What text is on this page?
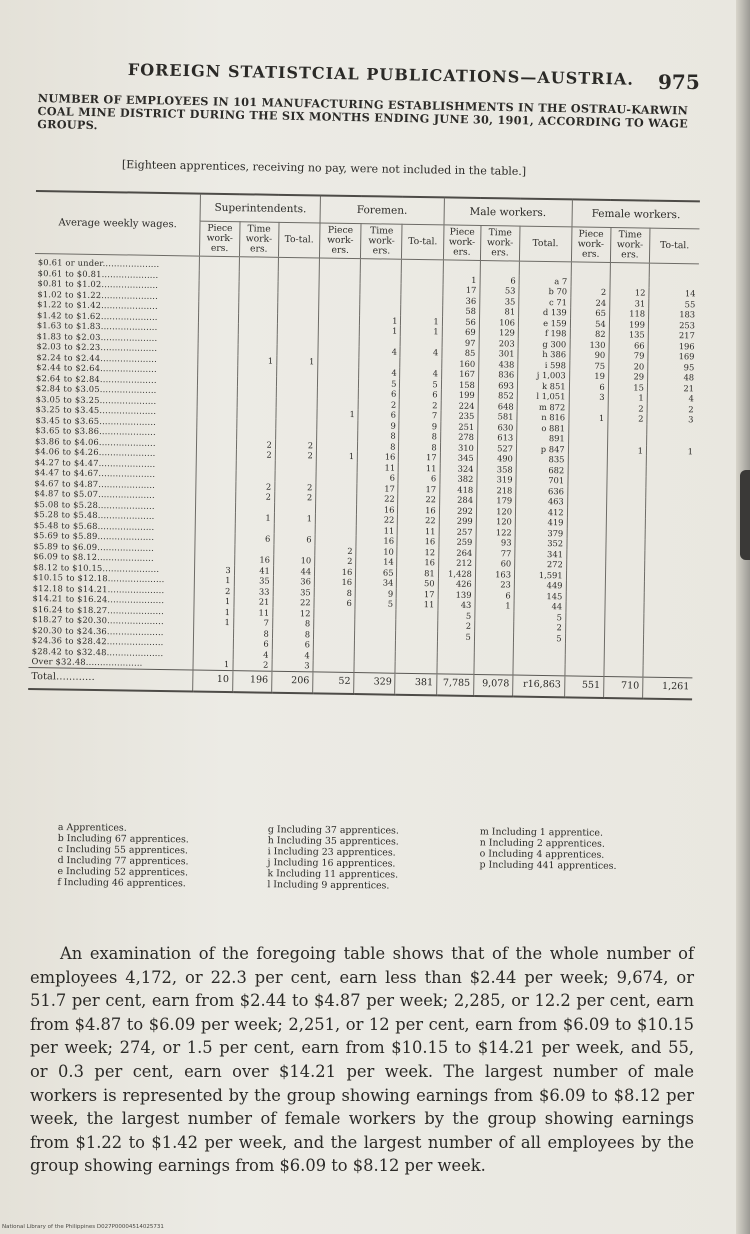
FOREIGN STATISTCIAL PUBLICATIONS—AUSTRIA. 975
NUMBER OF EMPLOYEES IN 101 MANUFACTURING ESTABLISHMENTS IN THE OSTRAU-KARWIN COAL MINE DISTRICT DURING THE SIX MONTHS ENDING JUNE 30, 1901, ACCORDING TO WAGE GROUPS.
[Eighteen apprentices, receiving no pay, were not included in the table.]
Average weekly wages.	Superintendents.			Foremen.			Male workers.			Female workers.		
	Piece work-ers.	Time work-ers.	To-tal.	Piece work-ers.	Time work-ers.	To-tal.	Piece work-ers.	Time work-ers.	Total.	Piece work-ers.	Time work-ers.	To-tal.
$0.61 or under....................												
$0.61 to $0.81....................							1	6	a 7			
$0.81 to $1.02....................							17	53	b 70	2	12	14
$1.02 to $1.22....................							36	35	c 71	24	31	55
$1.22 to $1.42....................							58	81	d 139	65	118	183
$1.42 to $1.62....................					1	1	56	106	e 159	54	199	253
$1.63 to $1.83....................					1	1	69	129	f 198	82	135	217
$1.83 to $2.03....................							97	203	g 300	130	66	196
$2.03 to $2.23....................					4	4	85	301	h 386	90	79	169
$2.24 to $2.44....................		1	1				160	438	i 598	75	20	95
$2.44 to $2.64....................					4	4	167	836	j 1,003	19	29	48
$2.64 to $2.84....................					5	5	158	693	k 851	6	15	21
$2.84 to $3.05....................					6	6	199	852	l 1,051	3	1	4
$3.05 to $3.25....................					2	2	224	648	m 872		2	2
$3.25 to $3.45....................				1	6	7	235	581	n 816	1	2	3
$3.45 to $3.65....................					9	9	251	630	o 881			
$3.65 to $3.86....................					8	8	278	613	891			
$3.86 to $4.06....................		2	2		8	8	310	527	p 847		1	1
$4.06 to $4.26....................		2	2	1	16	17	345	490	835			
$4.27 to $4.47....................					11	11	324	358	682			
$4.47 to $4.67....................					6	6	382	319	701			
$4.67 to $4.87....................		2	2		17	17	418	218	636			
$4.87 to $5.07....................		2	2		22	22	284	179	463			
$5.08 to $5.28....................					16	16	292	120	412			
$5.28 to $5.48....................		1	1		22	22	299	120	419			
$5.48 to $5.68....................					11	11	257	122	379			
$5.69 to $5.89....................		6	6		16	16	259	93	352			
$5.89 to $6.09....................				2	10	12	264	77	341			
$6.09 to $8.12....................		16	10	2	14	16	212	60	272			
$8.12 to $10.15....................	3	41	44	16	65	81	1,428	163	1,591			
$10.15 to $12.18....................	1	35	36	16	34	50	426	23	449			
$12.18 to $14.21....................	2	33	35	8	9	17	139	6	145			
$14.21 to $16.24....................	1	21	22	6	5	11	43	1	44			
$16.24 to $18.27....................	1	11	12				5		5			
$18.27 to $20.30....................	1	7	8				2		2			
$20.30 to $24.36....................		8	8				5		5			
$24.36 to $28.42....................		6	6									
$28.42 to $32.48....................		4	4									
Over $32.48....................	1	2	3									
Total............	10	196	206	52	329	381	7,785	9,078	r16,863	551	710	1,261
a Apprentices.
b Including 67 apprentices.
c Including 55 apprentices.
d Including 77 apprentices.
e Including 52 apprentices.
f Including 46 apprentices.
g Including 37 apprentices.
h Including 35 apprentices.
i Including 23 apprentices.
j Including 16 apprentices.
k Including 11 apprentices.
l Including 9 apprentices.
m Including 1 apprentice.
n Including 2 apprentices.
o Including 4 apprentices.
p Including 441 apprentices.
An examination of the foregoing table shows that of the whole number of employees 4,172, or 22.3 per cent, earn less than $2.44 per week; 9,674, or 51.7 per cent, earn from $2.44 to $4.87 per week; 2,285, or 12.2 per cent, earn from $4.87 to $6.09 per week; 2,251, or 12 per cent, earn from $6.09 to $10.15 per week; 274, or 1.5 per cent, earn from $10.15 to $14.21 per week, and 55, or 0.3 per cent, earn over $14.21 per week. The largest number of male workers is represented by the group showing earnings from $6.09 to $8.12 per week, the largest number of female workers by the group showing earnings from $1.22 to $1.42 per week, and the largest number of all employees by the group showing earnings from $6.09 to $8.12 per week.
National Library of the Philippines D027P00004514025731
